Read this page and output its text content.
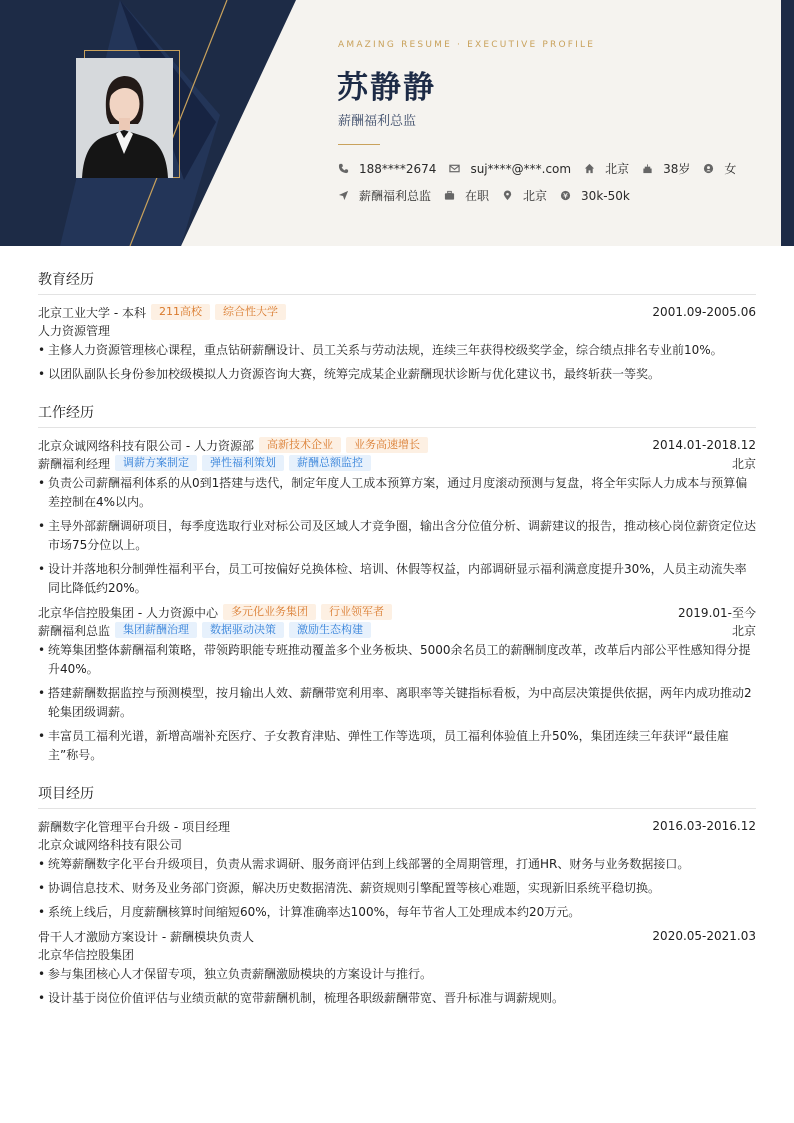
AMAZING RESUME · EXECUTIVE PROFILE
苏静静
薪酬福利总监
188****2674	suj****@***.com	北京	38岁	女
薪酬福利总监	在职	北京	30k-50k
教育经历
北京工业大学 - 本科	211高校	综合性大学	2001.09-2005.06
人力资源管理
• 主修人力资源管理核心课程，重点钻研薪酬设计、员工关系与劳动法规，连续三年获得校级奖学金，综合绩点排名专业前10%。
• 以团队副队长身份参加校级模拟人力资源咨询大赛，统筹完成某企业薪酬现状诊断与优化建议书，最终斩获一等奖。
工作经历
北京众诚网络科技有限公司 - 人力资源部	高新技术企业	业务高速增长	2014.01-2018.12
薪酬福利经理	调薪方案制定	弹性福利策划	薪酬总额监控	北京
• 负责公司薪酬福利体系的从0到1搭建与迭代，制定年度人工成本预算方案，通过月度滚动预测与复盘，将全年实际人力成本与预算偏差控制在4%以内。
• 主导外部薪酬调研项目，每季度选取行业对标公司及区域人才竞争圈，输出含分位值分析、调薪建议的报告，推动核心岗位薪资定位达市场75分位以上。
• 设计并落地积分制弹性福利平台，员工可按偏好兑换体检、培训、休假等权益，内部调研显示福利满意度提升30%，人员主动流失率同比降低约20%。
北京华信控股集团 - 人力资源中心	多元化业务集团	行业领军者	2019.01-至今
薪酬福利总监	集团薪酬治理	数据驱动决策	激励生态构建	北京
• 统筹集团整体薪酬福利策略，带领跨职能专班推动覆盖多个业务板块、5000余名员工的薪酬制度改革，改革后内部公平性感知得分提升40%。
• 搭建薪酬数据监控与预测模型，按月输出人效、薪酬带宽利用率、离职率等关键指标看板，为中高层决策提供依据，两年内成功推动2轮集团级调薪。
• 丰富员工福利光谱，新增高端补充医疗、子女教育津贴、弹性工作等选项，员工福利体验值上升50%，集团连续三年获评“最佳雇主”称号。
项目经历
薪酬数字化管理平台升级 - 项目经理	2016.03-2016.12
北京众诚网络科技有限公司
• 统筹薪酬数字化平台升级项目，负责从需求调研、服务商评估到上线部署的全周期管理，打通HR、财务与业务数据接口。
• 协调信息技术、财务及业务部门资源，解决历史数据清洗、薪资规则引擎配置等核心难题，实现新旧系统平稳切换。
• 系统上线后，月度薪酬核算时间缩短60%，计算准确率达100%，每年节省人工处理成本约20万元。
骨干人才激励方案设计 - 薪酬模块负责人	2020.05-2021.03
北京华信控股集团
• 参与集团核心人才保留专项，独立负责薪酬激励模块的方案设计与推行。
• 设计基于岗位价值评估与业绩贡献的宽带薪酬机制，梳理各职级薪酬带宽、晋升标准与调薪规则。
